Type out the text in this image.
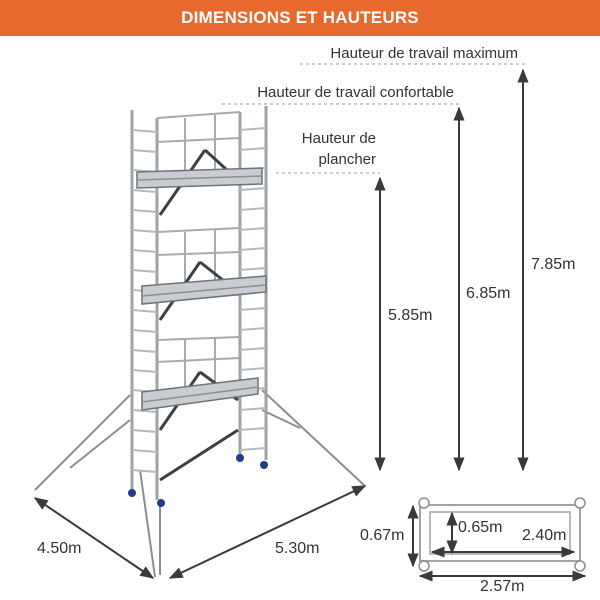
DIMENSIONS ET HAUTEURS
Hauteur de travail maximum
Hauteur de travail confortable
Hauteur de
plancher
5.85m
6.85m
7.85m
4.50m	5.30m
0.67m	0.65m 2.40m
2.57m
